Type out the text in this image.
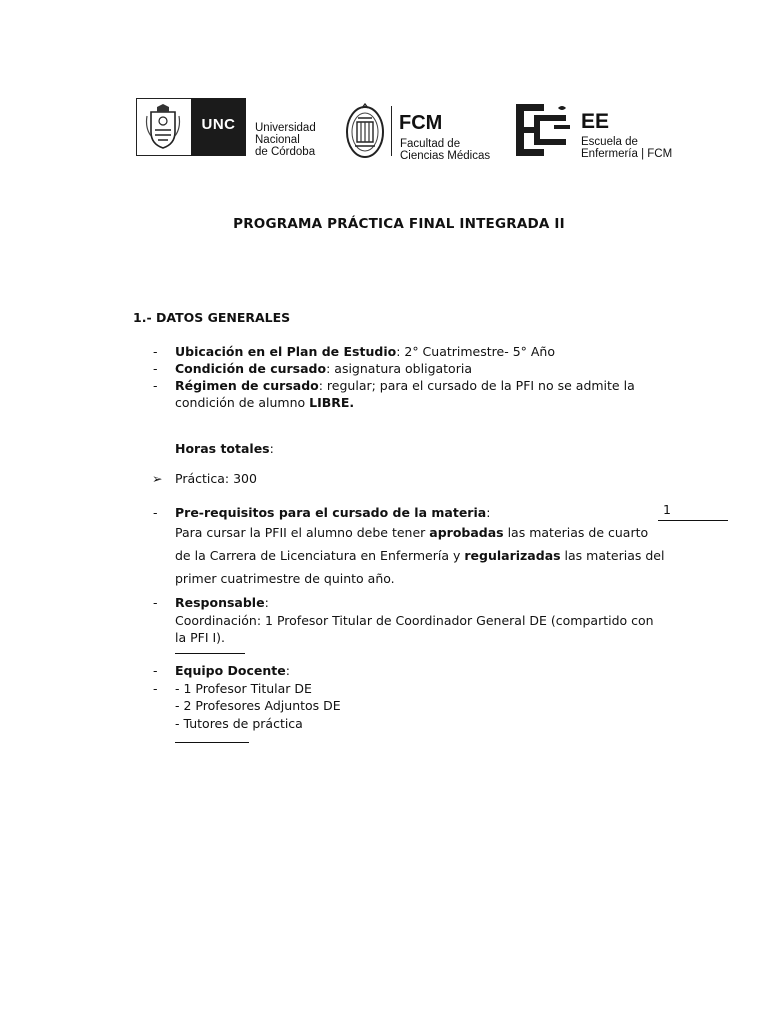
UNC	Universidad
Nacional
de Córdoba
FCM
Facultad de
Ciencias Médicas
EE
Escuela de
Enfermería | FCM
PROGRAMA PRÁCTICA FINAL INTEGRADA II
1.- DATOS GENERALES
- Ubicación en el Plan de Estudio: 2° Cuatrimestre- 5° Año
- Condición de cursado: asignatura obligatoria
- Régimen de cursado: regular; para el cursado de la PFI no se admite la
condición de alumno LIBRE.
Horas totales:
➢ Práctica: 300
- Pre-requisitos para el cursado de la materia:
Para cursar la PFII el alumno debe tener aprobadas las materias de cuarto
de la Carrera de Licenciatura en Enfermería y regularizadas las materias del
primer cuatrimestre de quinto año.
1
- Responsable:
Coordinación: 1 Profesor Titular de Coordinador General DE (compartido con
la PFI I).
- Equipo Docente:
- - 1 Profesor Titular DE
- 2 Profesores Adjuntos DE
- Tutores de práctica
